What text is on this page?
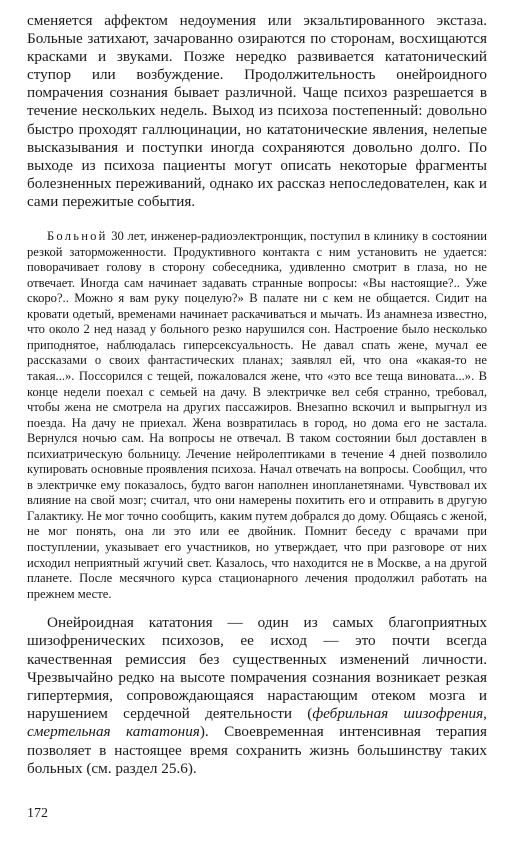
сменяется аффектом недоумения или экзальтированного экстаза. Больные затихают, зачарованно озираются по сторонам, восхищаются красками и звуками. Позже нередко развивается кататонический ступор или возбуждение. Продолжительность онейроидного помрачения сознания бывает различной. Чаще психоз разрешается в течение нескольких недель. Выход из психоза постепенный: довольно быстро проходят галлюцинации, но кататонические явления, нелепые высказывания и поступки иногда сохраняются довольно долго. По выходе из психоза пациенты могут описать некоторые фрагменты болезненных переживаний, однако их рассказ непоследователен, как и сами пережитые события.

Больной 30 лет, инженер-радиоэлектронщик, поступил в клинику в состоянии резкой заторможенности. Продуктивного контакта с ним установить не удается: поворачивает голову в сторону собеседника, удивленно смотрит в глаза, но не отвечает. Иногда сам начинает задавать странные вопросы: «Вы настоящие?.. Уже скоро?.. Можно я вам руку поцелую?» В палате ни с кем не общается. Сидит на кровати одетый, временами начинает раскачиваться и мычать. Из анамнеза известно, что около 2 нед назад у больного резко нарушился сон. Настроение было несколько приподнятое, наблюдалась гиперсексуальность. Не давал спать жене, мучал ее рассказами о своих фантастических планах; заявлял ей, что она «какая-то не такая...». Поссорился с тещей, пожаловался жене, что «это все теща виновата...». В конце недели поехал с семьей на дачу. В электричке вел себя странно, требовал, чтобы жена не смотрела на других пассажиров. Внезапно вскочил и выпрыгнул из поезда. На дачу не приехал. Жена возвратилась в город, но дома его не застала. Вернулся ночью сам. На вопросы не отвечал. В таком состоянии был доставлен в психиатрическую больницу. Лечение нейролептиками в течение 4 дней позволило купировать основные проявления психоза. Начал отвечать на вопросы. Сообщил, что в электричке ему показалось, будто вагон наполнен инопланетянами. Чувствовал их влияние на свой мозг; считал, что они намерены похитить его и отправить в другую Галактику. Не мог точно сообщить, каким путем добрался до дому. Общаясь с женой, не мог понять, она ли это или ее двойник. Помнит беседу с врачами при поступлении, указывает его участников, но утверждает, что при разговоре от них исходил неприятный жгучий свет. Казалось, что находится не в Москве, а на другой планете. После месячного курса стационарного лечения продолжил работать на прежнем месте.

Онейроидная кататония — один из самых благоприятных шизофренических психозов, ее исход — это почти всегда качественная ремиссия без существенных изменений личности. Чрезвычайно редко на высоте помрачения сознания возникает резкая гипертермия, сопровождающаяся нарастающим отеком мозга и нарушением сердечной деятельности (фебрильная шизофрения, смертельная кататония). Своевременная интенсивная терапия позволяет в настоящее время сохранить жизнь большинству таких больных (см. раздел 25.6).

172
